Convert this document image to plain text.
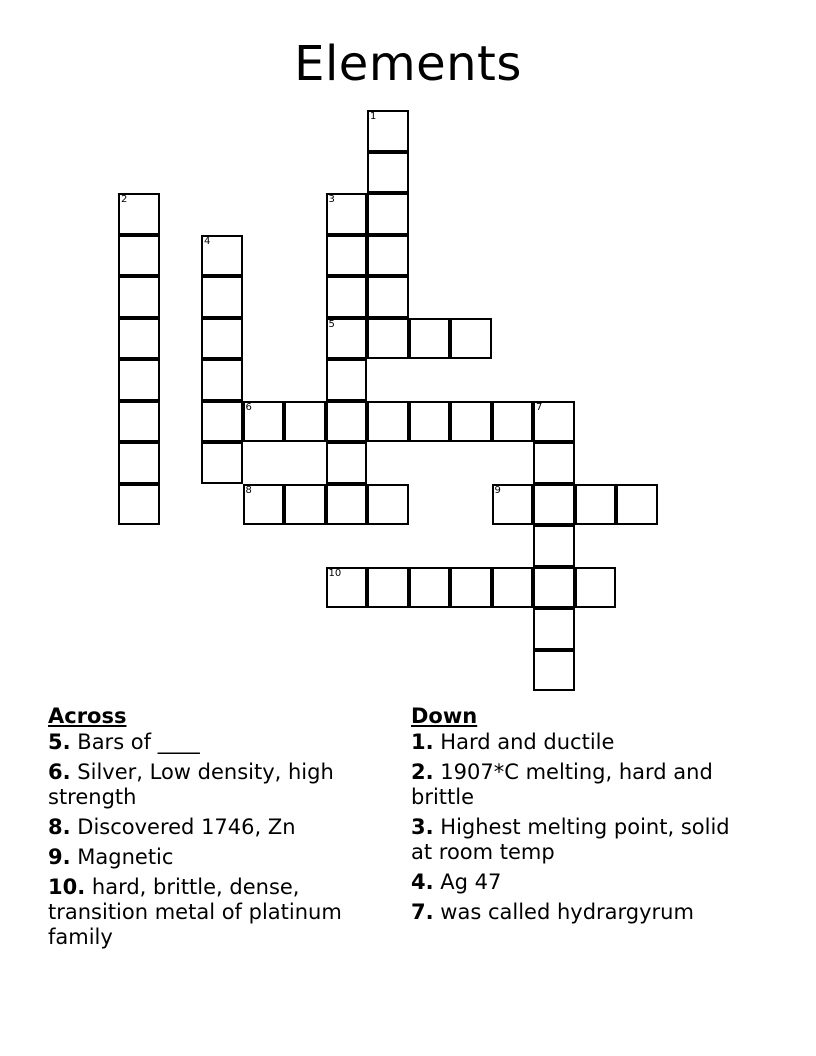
Elements
1
2	3
5
4
6	7
8	9
10
Across
5. Bars of ____
6. Silver, Low density, high strength
8. Discovered 1746, Zn
9. Magnetic
10. hard, brittle, dense, transition metal of platinum family
Down
1. Hard and ductile
2. 1907*C melting, hard and brittle
3. Highest melting point, solid at room temp
4. Ag 47
7. was called hydrargyrum
